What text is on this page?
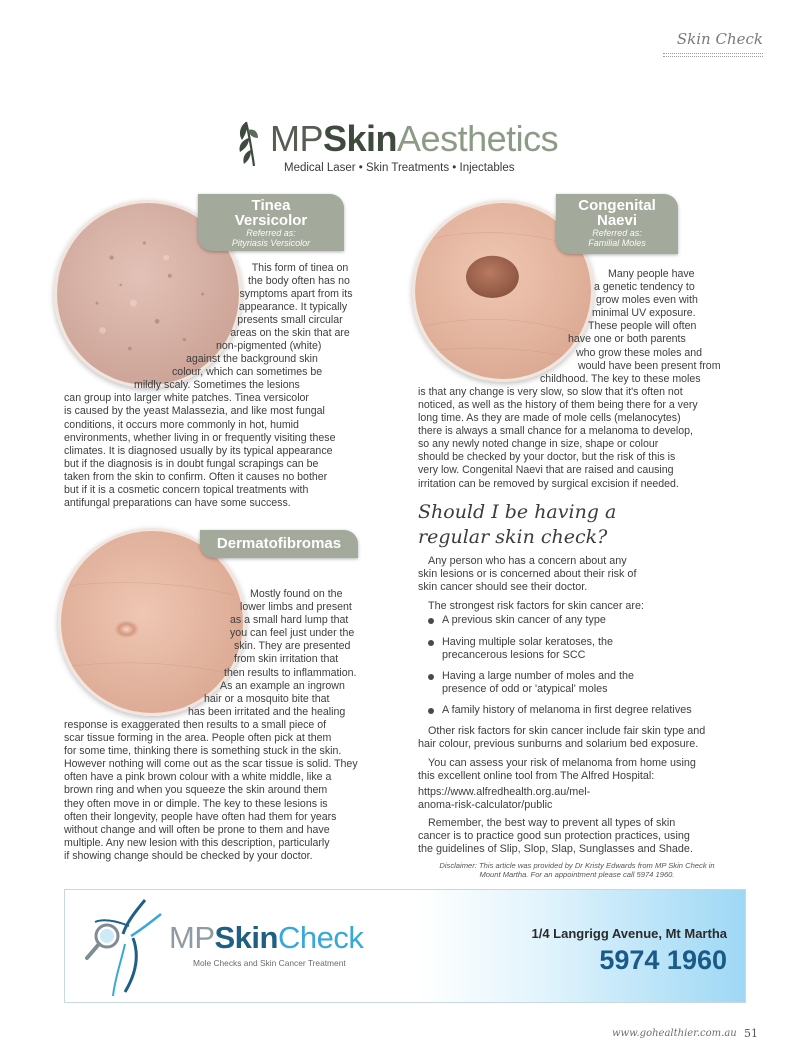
Skin Check
MPSkinAesthetics
Medical Laser • Skin Treatments • Injectables
Tinea
Versicolor
Referred as:
Pityriasis Versicolor
This form of tinea on
the body often has no
symptoms apart from its
appearance. It typically
presents small circular
areas on the skin that are
non-pigmented (white)
against the background skin
colour, which can sometimes be
mildly scaly. Sometimes the lesions
can group into larger white patches. Tinea versicolor
is caused by the yeast Malassezia, and like most fungal
conditions, it occurs more commonly in hot, humid
environments, whether living in or frequently visiting these
climates. It is diagnosed usually by its typical appearance
but if the diagnosis is in doubt fungal scrapings can be
taken from the skin to confirm. Often it causes no bother
but if it is a cosmetic concern topical treatments with
antifungal preparations can have some success.
Congenital
Naevi
Referred as:
Familial Moles
Many people have
a genetic tendency to
grow moles even with
minimal UV exposure.
These people will often
have one or both parents
who grow these moles and
would have been present from
childhood. The key to these moles
is that any change is very slow, so slow that it's often not
noticed, as well as the history of them being there for a very
long time. As they are made of mole cells (melanocytes)
there is always a small chance for a melanoma to develop,
so any newly noted change in size, shape or colour
should be checked by your doctor, but the risk of this is
very low. Congenital Naevi that are raised and causing
irritation can be removed by surgical excision if needed.
Dermatofibromas
Mostly found on the
lower limbs and present
as a small hard lump that
you can feel just under the
skin. They are presented
from skin irritation that
then results to inflammation.
As an example an ingrown
hair or a mosquito bite that
has been irritated and the healing
response is exaggerated then results to a small piece of
scar tissue forming in the area. People often pick at them
for some time, thinking there is something stuck in the skin.
However nothing will come out as the scar tissue is solid. They
often have a pink brown colour with a white middle, like a
brown ring and when you squeeze the skin around them
they often move in or dimple. The key to these lesions is
often their longevity, people have often had them for years
without change and will often be prone to them and have
multiple. Any new lesion with this description, particularly
if showing change should be checked by your doctor.
Should I be having a
regular skin check?
Any person who has a concern about any
skin lesions or is concerned about their risk of
skin cancer should see their doctor.
The strongest risk factors for skin cancer are:
A previous skin cancer of any type
Having multiple solar keratoses, the
precancerous lesions for SCC
Having a large number of moles and the
presence of odd or 'atypical' moles
A family history of melanoma in first degree relatives
Other risk factors for skin cancer include fair skin type and
hair colour, previous sunburns and solarium bed exposure.
You can assess your risk of melanoma from home using
this excellent online tool from The Alfred Hospital:
https://www.alfredhealth.org.au/mel-
anoma-risk-calculator/public
Remember, the best way to prevent all types of skin
cancer is to practice good sun protection practices, using
the guidelines of Slip, Slop, Slap, Sunglasses and Shade.
Disclaimer: This article was provided by Dr Kristy Edwards from MP Skin Check in
Mount Martha. For an appointment please call 5974 1960.
MPSkinCheck
Mole Checks and Skin Cancer Treatment
1/4 Langrigg Avenue, Mt Martha
5974 1960
www.gohealthier.com.au 51
